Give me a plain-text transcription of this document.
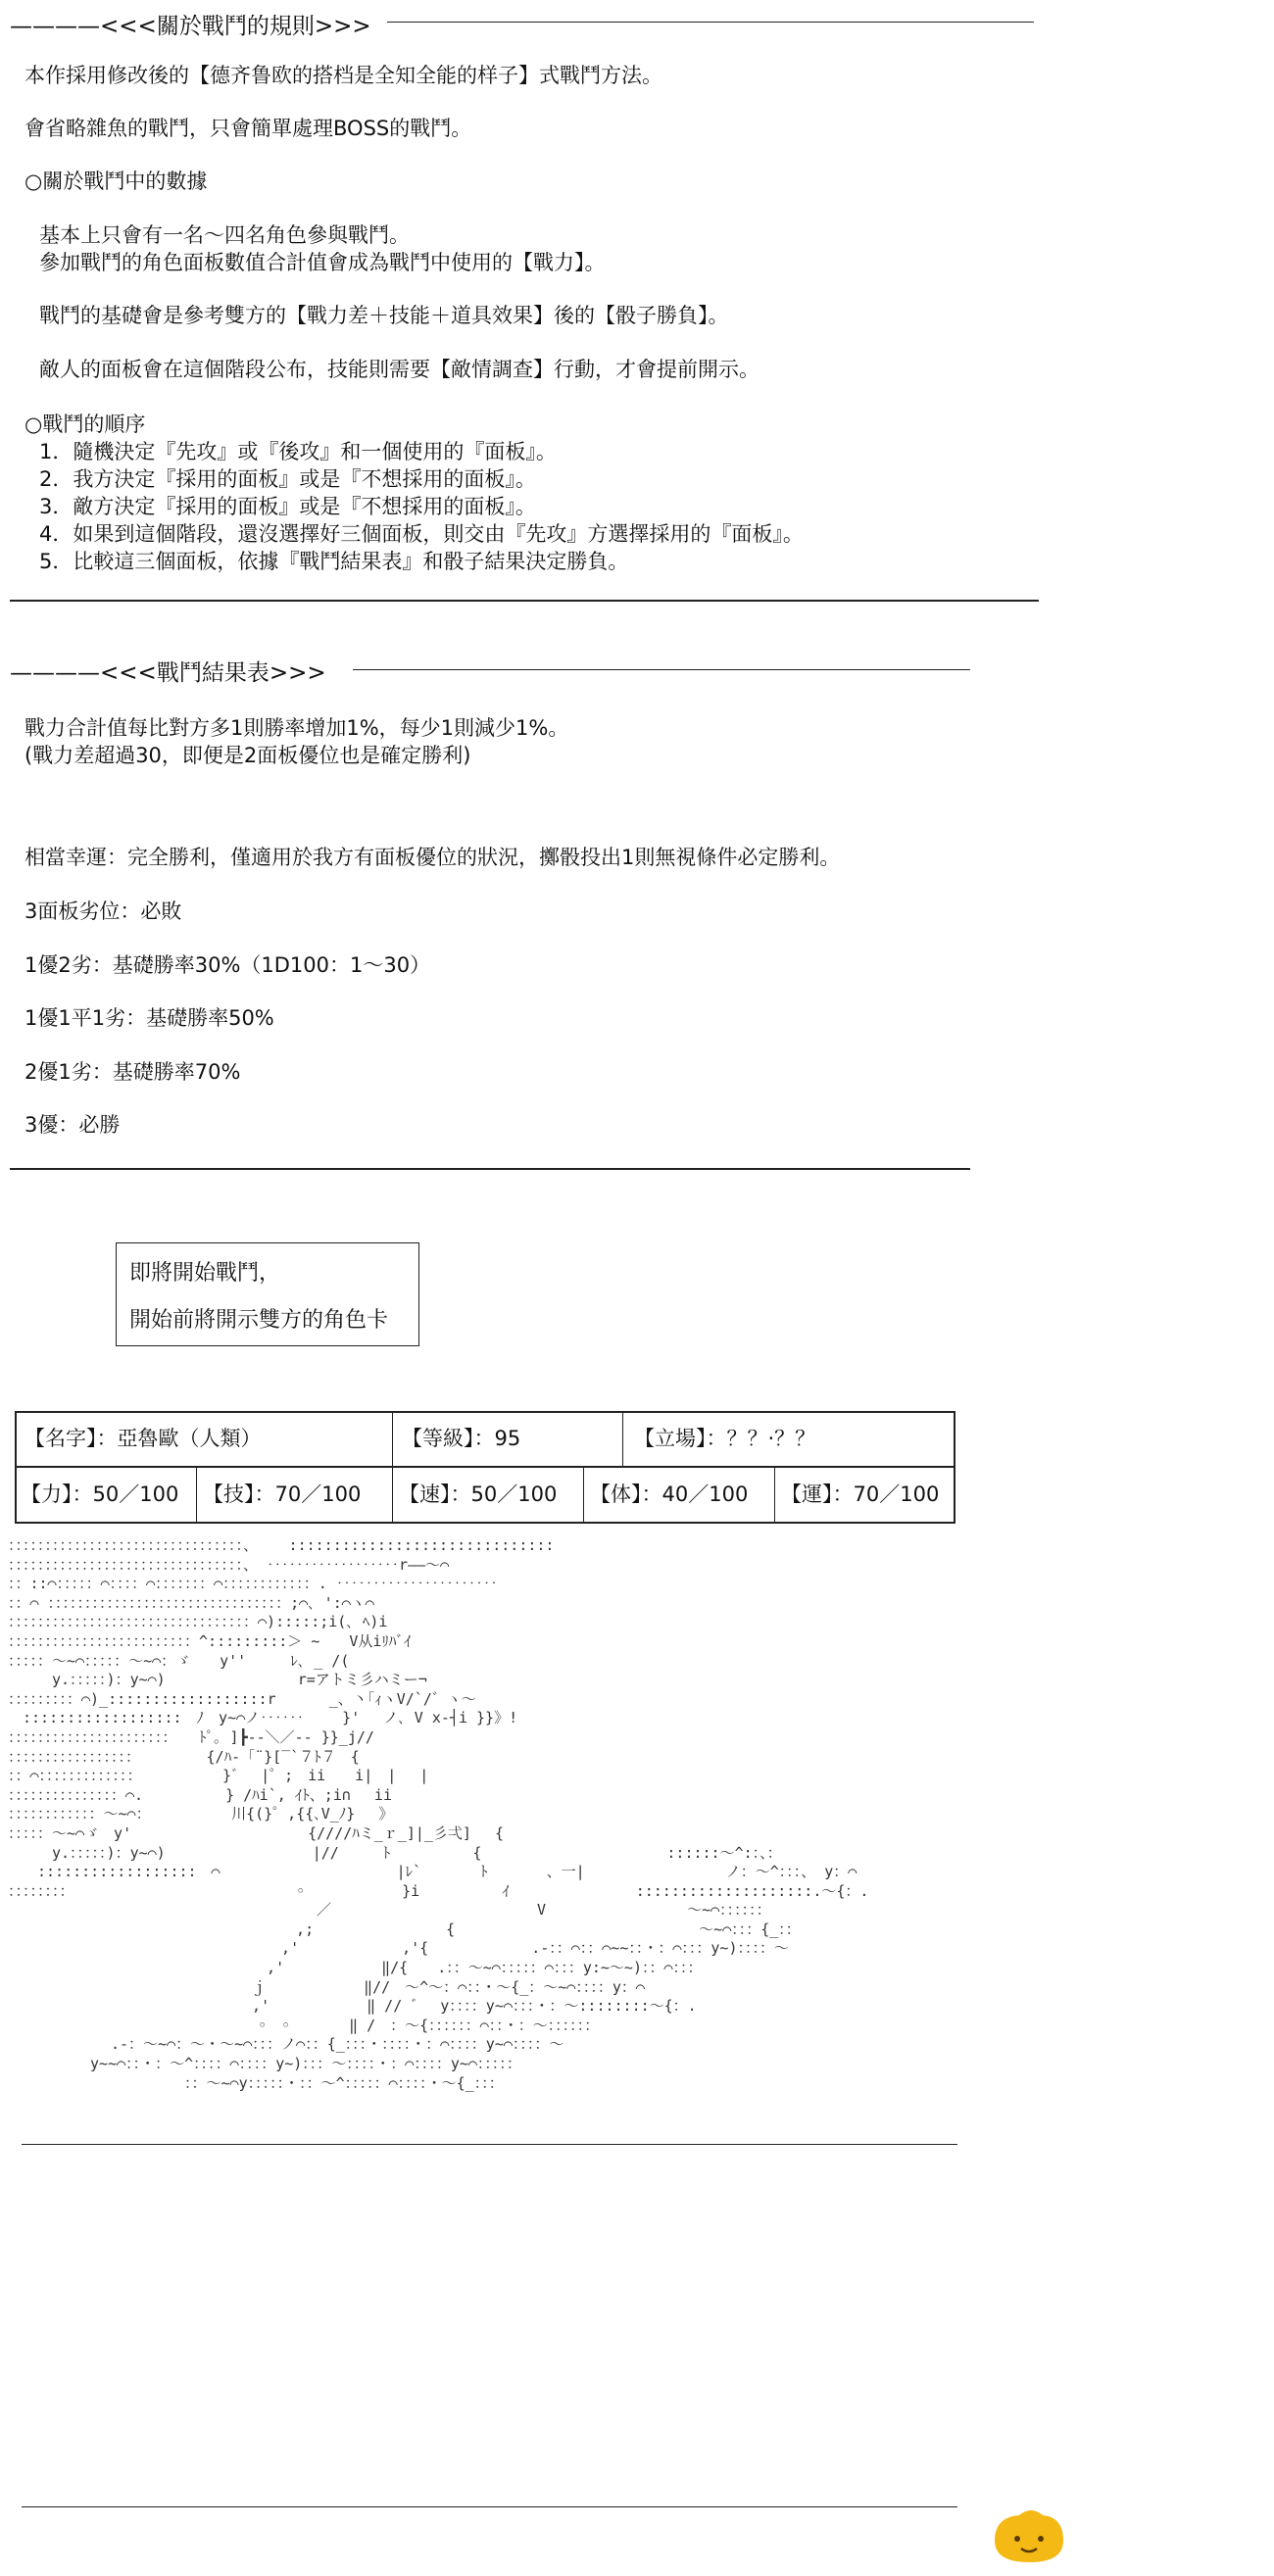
————<<<關於戰鬥的規則>>>
本作採用修改後的【德齐鲁欧的搭档是全知全能的样子】式戰鬥方法。
會省略雜魚的戰鬥，只會簡單處理BOSS的戰鬥。
○關於戰鬥中的數據
基本上只會有一名～四名角色參與戰鬥。
參加戰鬥的角色面板數值合計值會成為戰鬥中使用的【戰力】。
戰鬥的基礎會是參考雙方的【戰力差＋技能＋道具效果】後的【骰子勝負】。
敵人的面板會在這個階段公布，技能則需要【敵情調查】行動，才會提前開示。
○戰鬥的順序
1．隨機決定『先攻』或『後攻』和一個使用的『面板』。
2．我方決定『採用的面板』或是『不想採用的面板』。
3．敵方決定『採用的面板』或是『不想採用的面板』。
4．如果到這個階段，還沒選擇好三個面板，則交由『先攻』方選擇採用的『面板』。
5．比較這三個面板，依據『戰鬥結果表』和骰子結果決定勝負。
————<<<戰鬥結果表>>>
戰力合計值每比對方多1則勝率增加1%，每少1則減少1%。
(戰力差超過30，即便是2面板優位也是確定勝利)
相當幸運：完全勝利，僅適用於我方有面板優位的狀況，擲骰投出1則無視條件必定勝利。
3面板劣位：必敗
1優2劣：基礎勝率30%（1D100：1～30）
1優1平1劣：基礎勝率50%
2優1劣：基礎勝率70%
3優：必勝
即將開始戰鬥，
開始前將開示雙方的角色卡
【名字】：亞魯歐（人類）	【等級】：95	【立場】：？？·？？
【力】：50／100 【技】：70／100 【速】：50／100 【体】：40／100 【運】：70／100
：：：：：：：：：：：：：：：：：：：：：：：：：：：：：：：：、　　 ::::::::::::::::::::::::::::::
：：：：：：：：：：：：：：：：：：：：：：：：：：：：：：：：、 ‥‥‥‥‥‥‥‥‥r――～⌒
：：::⌒：：：：：⌒：：：：⌒：：：：：：：⌒：：：：：：：：：：：：. ‥‥‥‥‥‥‥‥‥‥‥
：：⌒ ：：：：：：：：：：：：：：：：：：：：：：：：：：：：：：：：;⌒､ ':⌒ヽ⌒
：：：：：：：：：：：：：：：：：：：：：：：：：：：：：：：：：⌒):::::;i(､ ﾍ)i
：：：：：：：：：：：：：：：：：：：：：：：：：^:::::::::＞ ~　　V从iﾘﾊﾞｲ
：：：：：～~⌒：：：：：～~⌒：ゞ　　y''　　　ﾚ､ _ /(
　　　y.：：：：：)：y~⌒)　　　　　　　　　r=アトミ彡ハミー¬
：：：：：：：：：⌒)_::::::::::::::::::r 　　　_、丶｢ｨヽV/`/゛ヽ～
　::::::::::::::::::　ﾉ　y~⌒ノ‥‥‥　　 }'　 ノ､ V x-┤i }}》!
：：：：：：：：：：：：：：：：：：：：：：　　ﾄﾟ｡ ]┣--＼／-- }}_j//
：：：：：：：：：：：：：：：：：　　　　　{/ﾊ-「¨}[‾`７ﾄ７　{
：：⌒：：：：：：：：：：：：：　　　　　　}゛　|゜;　ii　　i|　|　 |
：：：：：：：：：：：：：：：⌒.　　　　　 } /ﾊi`, ｲﾄ、;i∩　 ii
：：：：：：：：：：：：～~⌒：　　　　　　川{(}゜,{{､V_ﾉ}　 》
：：：：：～~⌒ゞ　y'　　　　　　　　　　　　{////ﾊミ_ｒ_]|_彡弌] 　{
　　　y.：：：：：)：y~⌒)　　　　　　　　　　|//　　　ﾄ　　 　　　{ 　　　　　　　　　　　　::::::～^:：、：
　　::::::::::::::::::　⌒　　　　　　　　　　　　|ﾚ`　　　　ﾄ　　　　、一|　　　　　　　　　 ノ：～^：：：、 y：⌒
：：：：：：：：　　　　　　　　　　　　　　　 ◦　　　　　　 }i　　　　　 ｲ　　　　　　　　 ::::::::::::::::::::.～{：.
　　　　　　　　　　　　　　　　　　　　　／　　　　　　　　　　　　　　V　　　　　　　　　 ～~⌒：：：：：：
　　　　　　　　　　　　　　　　　　　 ,;　　　　　　　　　{ 　　　　　　　　　　　　　　　　～~⌒：：：{_：：
　　　　　　　　　　　　　　　　　　 ,'　　　　　　　,'{　　　　　　　.-：：⌒：：⌒~~：：・：⌒：：：y~)：：：：～
　　　　　　　　　　　　　　　　　 ,'　　　　　　 ‖/{　　.：：～~⌒：：：：：⌒：：：y:~～~)：：⌒：：：
　　　　　　　　　　　　　　　　 ｊ　　　　　　 ‖//　～^～：⌒：：・～{_：～~⌒：：：：y：⌒
　　　　　　　　　　　　　　　　 ,'　　　　　　 ‖ // ゛　y：：：：y~⌒：：：・：～::::::::～{：.
　　　　　　　　　　　　　　　　　◦　◦　　　　‖ /　：～{：：：：：：⌒：：・：～：：：：：：
　　　　　　　.-：～~⌒：～・～~⌒：：：ノ⌒：：{_：：：・：：：：・：⌒：：：：y~⌒：：：：～
　　　　　 y~~⌒：：・：～^：：：：⌒：：：：y~)：：：～：：：：・：⌒：：：：y~⌒：：：：：
　　　　　　　　　　　　：：～~⌒y：：：：：・：：～^：：：：：⌒：：：：・～{_：：：
